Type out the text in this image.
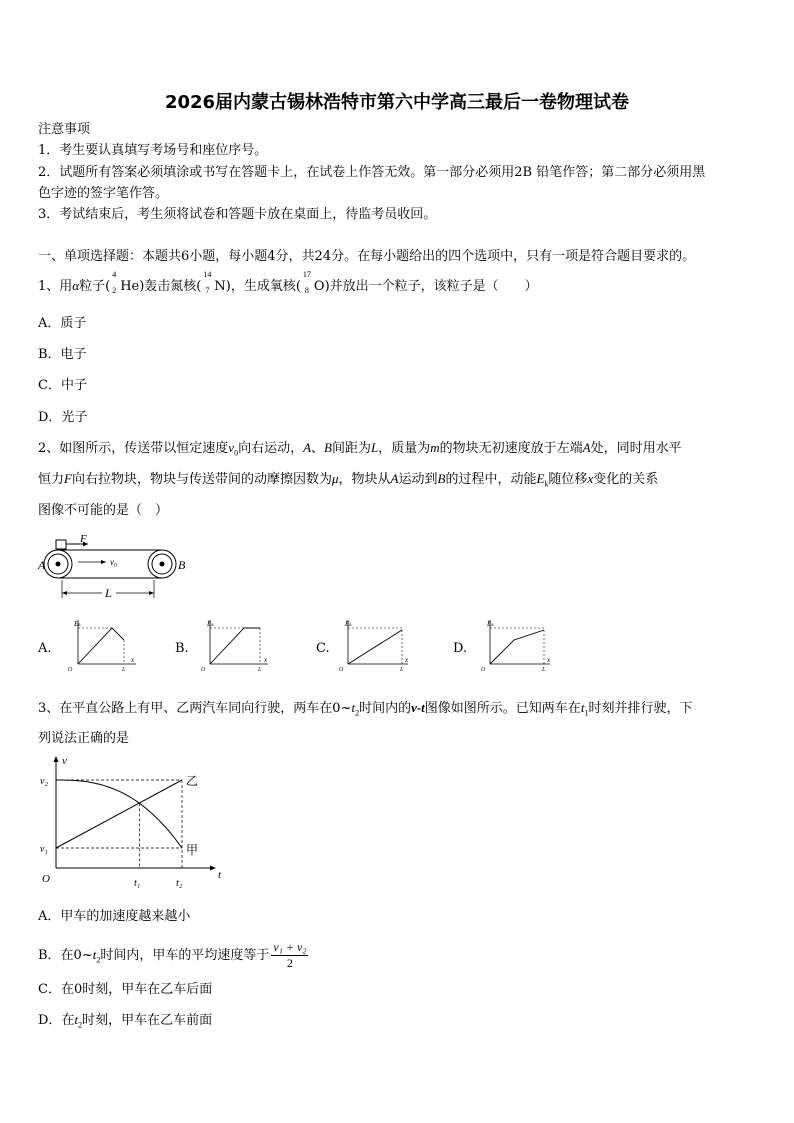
2026届内蒙古锡林浩特市第六中学高三最后一卷物理试卷
注意事项
1．考生要认真填写考场号和座位序号。
2．试题所有答案必须填涂或书写在答题卡上，在试卷上作答无效。第一部分必须用2B 铅笔作答；第二部分必须用黑
色字迹的签字笔作答。
3．考试结束后，考生须将试卷和答题卡放在桌面上，待监考员收回。
一、单项选择题：本题共6小题，每小题4分，共24分。在每小题给出的四个选项中，只有一项是符合题目要求的。
1、用α粒子(
4
2 He)轰击氮核(
14
7 N)，生成氧核(
17
8 O)并放出一个粒子，该粒子是（　　）
A．质子
B．电子
C．中子
D．光子
2、如图所示，传送带以恒定速度$v_0$向右运动，A、B间距为L，质量为m的物块无初速度放于左端A处，同时用水平
恒力F向右拉物块，物块与传送带间的动摩擦因数为μ，物块从A运动到B的过程中，动能$E_k$随位移x变化的关系
图像不可能的是（　）
F
v₀
A	B
L
A.
Eₖ
O	L
x
B.
Eₖ
O	L
x
C.
Eₖ
O	L
x
D.
Eₖ
O	L
x
3、在平直公路上有甲、乙两汽车同向行驶，两车在$0\sim t_2$时间内的v-t图像如图所示。已知两车在$t_1$时刻并排行驶，下
列说法正确的是
v
t
O
v₂
v₁
t₁	t₂
乙
甲
A．甲车的加速度越来越小
B．在$0\sim t_2$时间内，甲车的平均速度等于 $\frac{\text{v₁ + v₂}}{2}$
C．在0时刻，甲车在乙车后面
D．在$t_2$时刻，甲车在乙车前面
